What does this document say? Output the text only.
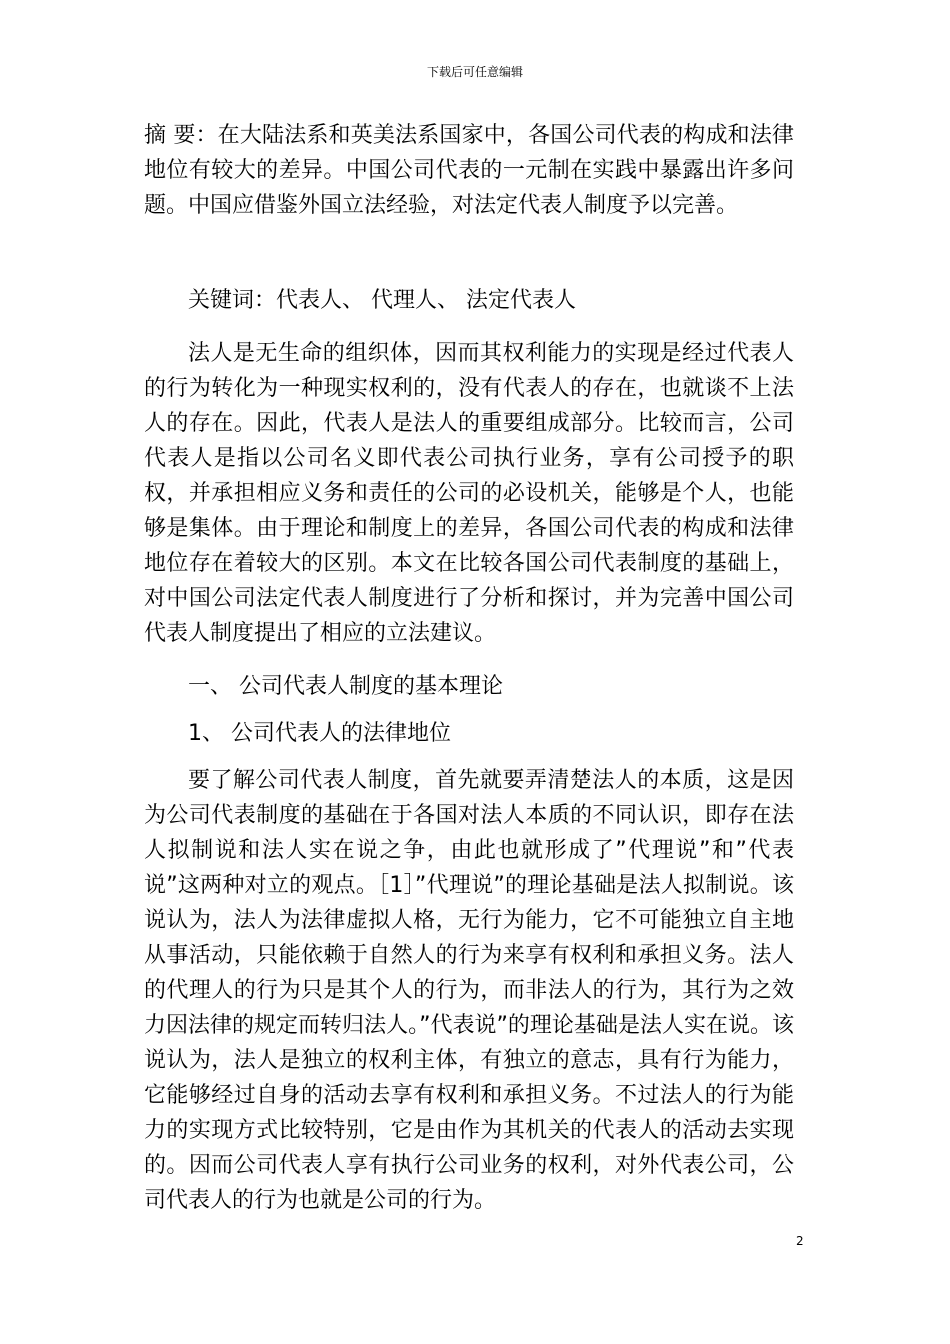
下载后可任意编辑

摘 要：在大陆法系和英美法系国家中，各国公司代表的构成和法律地位有较大的差异。中国公司代表的一元制在实践中暴露出许多问题。中国应借鉴外国立法经验，对法定代表人制度予以完善。

关键词：代表人、 代理人、 法定代表人

法人是无生命的组织体，因而其权利能力的实现是经过代表人的行为转化为一种现实权利的，没有代表人的存在，也就谈不上法人的存在。因此，代表人是法人的重要组成部分。比较而言，公司代表人是指以公司名义即代表公司执行业务，享有公司授予的职权，并承担相应义务和责任的公司的必设机关，能够是个人，也能够是集体。由于理论和制度上的差异，各国公司代表的构成和法律地位存在着较大的区别。本文在比较各国公司代表制度的基础上，对中国公司法定代表人制度进行了分析和探讨，并为完善中国公司代表人制度提出了相应的立法建议。

一、 公司代表人制度的基本理论

1、 公司代表人的法律地位

要了解公司代表人制度，首先就要弄清楚法人的本质，这是因为公司代表制度的基础在于各国对法人本质的不同认识，即存在法人拟制说和法人实在说之争，由此也就形成了”代理说”和”代表说”这两种对立的观点。［1］”代理说”的理论基础是法人拟制说。该说认为，法人为法律虚拟人格，无行为能力，它不可能独立自主地从事活动，只能依赖于自然人的行为来享有权利和承担义务。法人的代理人的行为只是其个人的行为，而非法人的行为，其行为之效力因法律的规定而转归法人。”代表说”的理论基础是法人实在说。该说认为，法人是独立的权利主体，有独立的意志，具有行为能力，它能够经过自身的活动去享有权利和承担义务。不过法人的行为能力的实现方式比较特别，它是由作为其机关的代表人的活动去实现的。因而公司代表人享有执行公司业务的权利，对外代表公司，公司代表人的行为也就是公司的行为。

2
